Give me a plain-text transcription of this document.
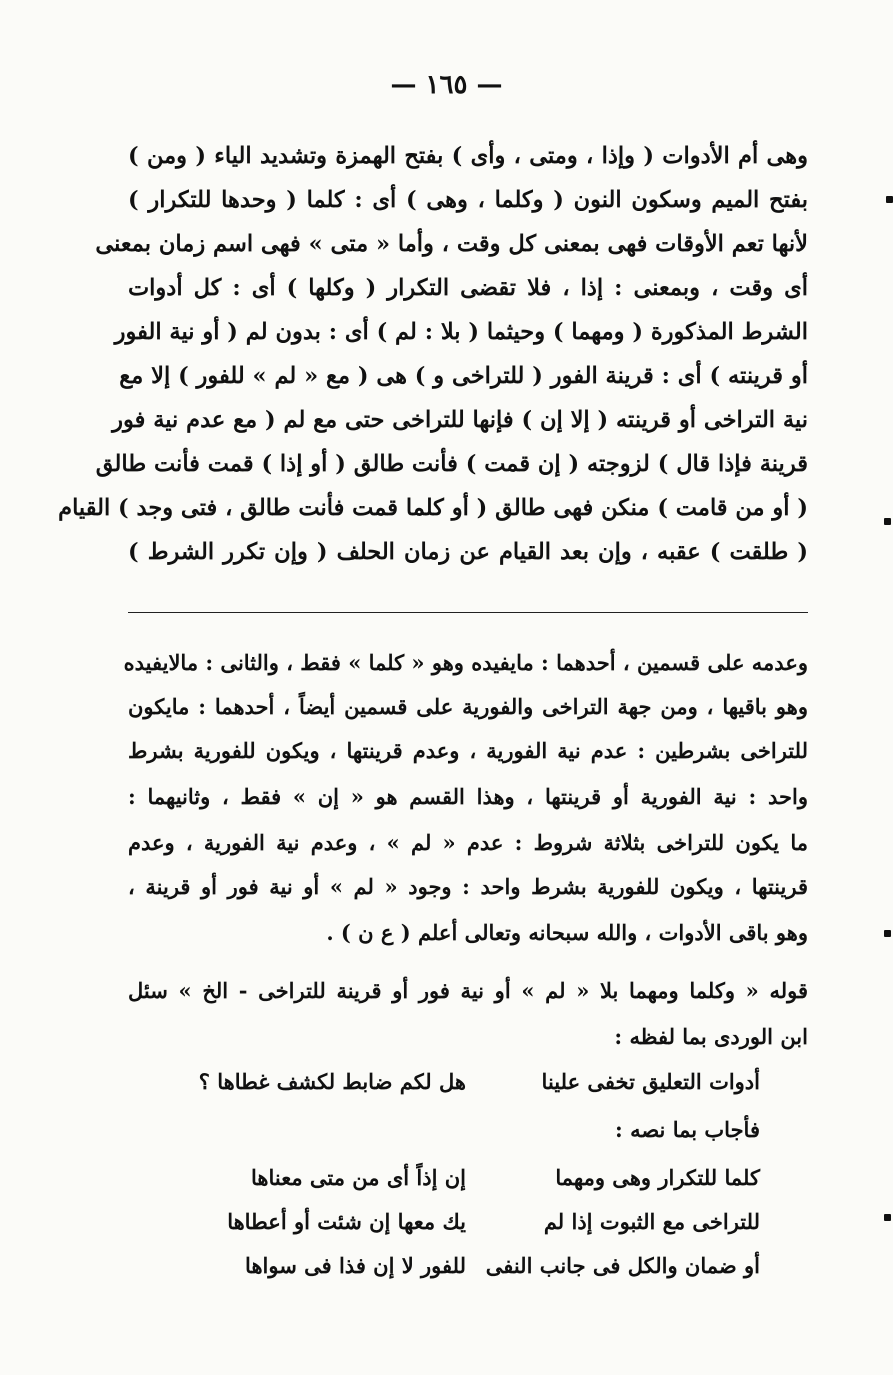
— ١٦٥ —
وهى أم الأدوات ( وإذا ، ومتى ، وأى ) بفتح الهمزة وتشديد الياء ( ومن )
بفتح الميم وسكون النون ( وكلما ، وهى ) أى : كلما ( وحدها للتكرار )
لأنها تعم الأوقات فهى بمعنى كل وقت ، وأما « متى » فهى اسم زمان بمعنى
أى وقت ، وبمعنى : إذا ، فلا تقضى التكرار ( وكلها ) أى : كل أدوات
الشرط المذكورة ( ومهما ) وحيثما ( بلا : لم ) أى : بدون لم ( أو نية الفور
أو قرينته ) أى : قرينة الفور ( للتراخى و ) هى ( مع « لم » للفور ) إلا مع
نية التراخى أو قرينته ( إلا إن ) فإنها للتراخى حتى مع لم ( مع عدم نية فور
قرينة فإذا قال ) لزوجته ( إن قمت ) فأنت طالق ( أو إذا ) قمت فأنت طالق
( أو من قامت ) منكن فهى طالق ( أو كلما قمت فأنت طالق ، فتى وجد ) القيام
( طلقت ) عقبه ، وإن بعد القيام عن زمان الحلف ( وإن تكرر الشرط )
وعدمه على قسمين ، أحدهما : مايفيده وهو « كلما » فقط ، والثانى : مالايفيده
وهو باقيها ، ومن جهة التراخى والفورية على قسمين أيضاً ، أحدهما : مايكون
للتراخى بشرطين : عدم نية الفورية ، وعدم قرينتها ، ويكون للفورية بشرط
واحد : نية الفورية أو قرينتها ، وهذا القسم هو « إن » فقط ، وثانيهما :
ما يكون للتراخى بثلاثة شروط : عدم « لم » ، وعدم نية الفورية ، وعدم
قرينتها ، ويكون للفورية بشرط واحد : وجود « لم » أو نية فور أو قرينة ،
وهو باقى الأدوات ، والله سبحانه وتعالى أعلم ( ع ن ) .
قوله « وكلما ومهما بلا « لم » أو نية فور أو قرينة للتراخى - الخ » سئل
ابن الوردى بما لفظه :
أدوات التعليق تخفى علينا
هل لكم ضابط لكشف غطاها ؟
فأجاب بما نصه :
كلما للتكرار وهى ومهما
إن إذاً أى من متى معناها
للتراخى مع الثبوت إذا لم
يك معها إن شئت أو أعطاها
أو ضمان والكل فى جانب النفى
للفور لا إن فذا فى سواها
